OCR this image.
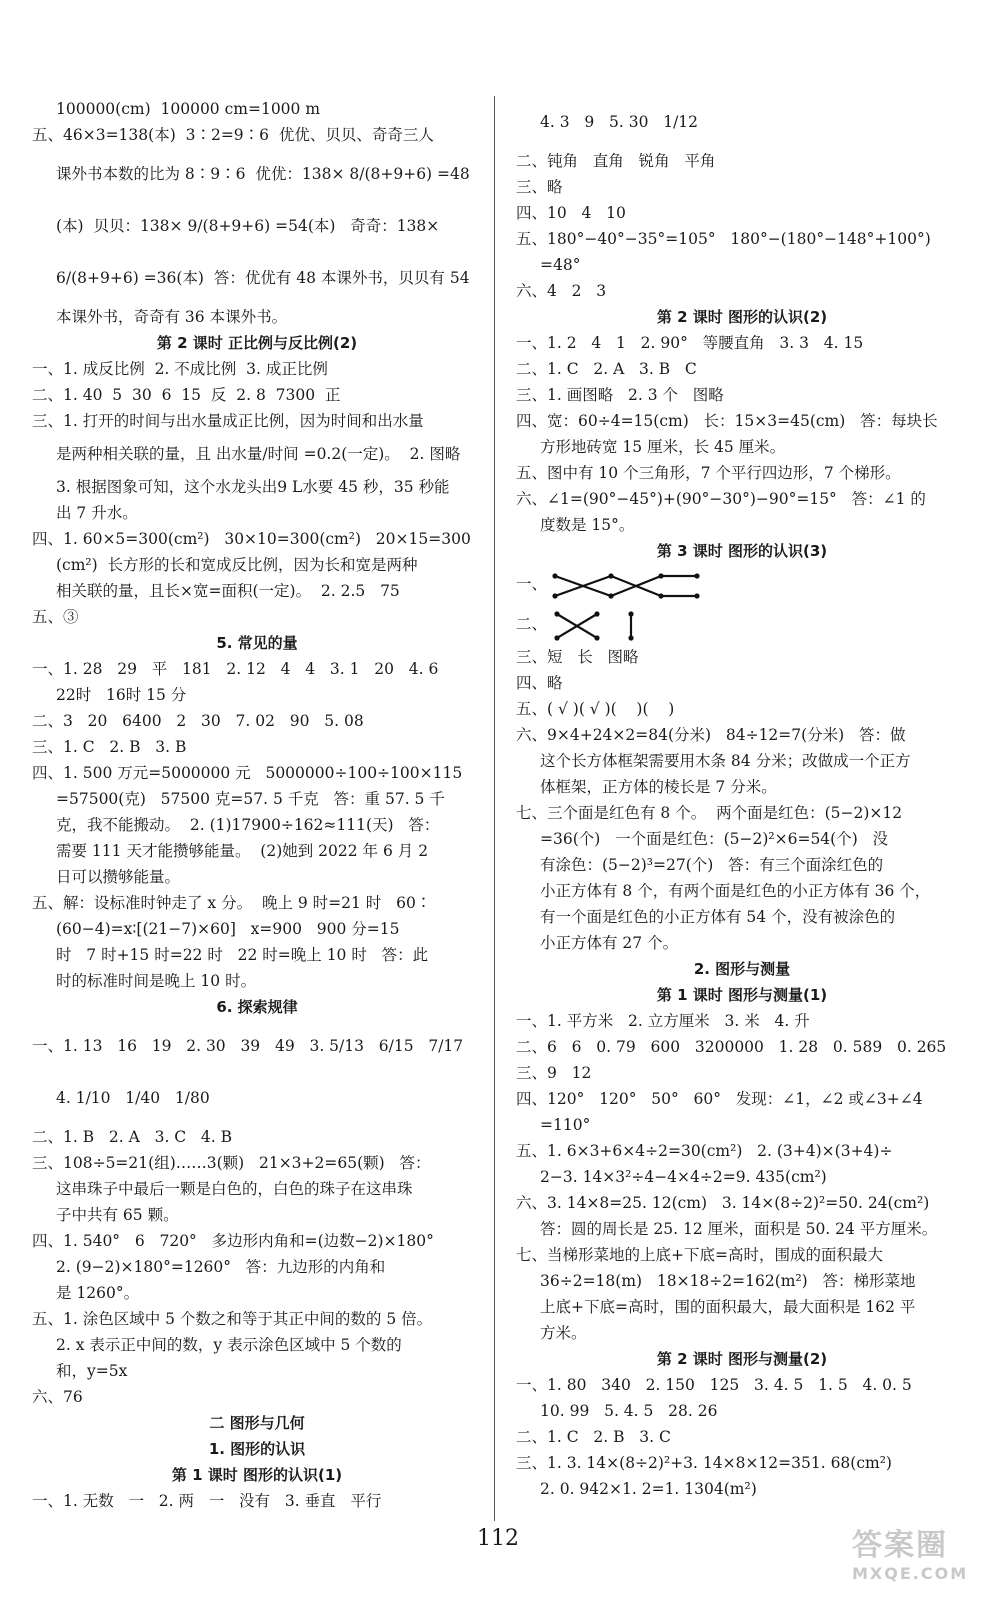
100000(cm)  100000 cm=1000 m
五、46×3=138(本)  3∶2=9∶6  优优、贝贝、奇奇三人
课外书本数的比为 8∶9∶6  优优：138× 8/(8+9+6) =48
(本)  贝贝：138× 9/(8+9+6) =54(本)   奇奇：138×
6/(8+9+6) =36(本)  答：优优有 48 本课外书，贝贝有 54
本课外书，奇奇有 36 本课外书。
第 2 课时 正比例与反比例(2)
一、1. 成反比例  2. 不成比例  3. 成正比例
二、1. 40  5  30  6  15  反  2. 8  7300  正
三、1. 打开的时间与出水量成正比例，因为时间和出水量
是两种相关联的量，且 出水量/时间 =0.2(一定)。  2. 图略
3. 根据图象可知，这个水龙头出9 L水要 45 秒，35 秒能
出 7 升水。
四、1. 60×5=300(cm²)   30×10=300(cm²)   20×15=300
(cm²)  长方形的长和宽成反比例，因为长和宽是两种
相关联的量，且长×宽=面积(一定)。  2. 2.5   75
五、③
5. 常见的量
一、1. 28   29   平   181   2. 12   4   4   3. 1   20   4. 6
22时   16时 15 分
二、3   20   6400   2   30   7. 02   90   5. 08
三、1. C   2. B   3. B
四、1. 500 万元=5000000 元   5000000÷100÷100×115
=57500(克)   57500 克=57. 5 千克   答：重 57. 5 千
克，我不能搬动。  2. (1)17900÷162≈111(天)   答：
需要 111 天才能攒够能量。  (2)她到 2022 年 6 月 2
日可以攒够能量。
五、解：设标准时钟走了 x 分。  晚上 9 时=21 时   60∶
(60−4)=x∶[(21−7)×60]   x=900   900 分=15
时   7 时+15 时=22 时   22 时=晚上 10 时   答：此
时的标准时间是晚上 10 时。
6. 探索规律
一、1. 13   16   19   2. 30   39   49   3. 5/13   6/15   7/17
4. 1/10   1/40   1/80
二、1. B   2. A   3. C   4. B
三、108÷5=21(组)……3(颗)   21×3+2=65(颗)   答：
这串珠子中最后一颗是白色的，白色的珠子在这串珠
子中共有 65 颗。
四、1. 540°   6   720°   多边形内角和=(边数−2)×180°
2. (9−2)×180°=1260°   答：九边形的内角和
是 1260°。
五、1. 涂色区域中 5 个数之和等于其正中间的数的 5 倍。
2. x 表示正中间的数，y 表示涂色区域中 5 个数的
和，y=5x
六、76
二 图形与几何
1. 图形的认识
第 1 课时 图形的认识(1)
一、1. 无数   一   2. 两   一   没有   3. 垂直   平行
4. 3   9   5. 30   1/12
二、钝角   直角   锐角   平角
三、略
四、10   4   10
五、180°−40°−35°=105°   180°−(180°−148°+100°)
=48°
六、4   2   3
第 2 课时 图形的认识(2)
一、1. 2   4   1   2. 90°   等腰直角   3. 3   4. 15
二、1. C   2. A   3. B   C
三、1. 画图略   2. 3 个   图略
四、宽：60÷4=15(cm)   长：15×3=45(cm)   答：每块长
方形地砖宽 15 厘米，长 45 厘米。
五、图中有 10 个三角形，7 个平行四边形，7 个梯形。
六、∠1=(90°−45°)+(90°−30°)−90°=15°   答：∠1 的
度数是 15°。
第 3 课时 图形的认识(3)
一、
二、
三、短   长   图略
四、略
五、( √ )( √ )(    )(    )
六、9×4+24×2=84(分米)   84÷12=7(分米)   答：做
这个长方体框架需要用木条 84 分米；改做成一个正方
体框架，正方体的棱长是 7 分米。
七、三个面是红色有 8 个。  两个面是红色：(5−2)×12
=36(个)   一个面是红色：(5−2)²×6=54(个)   没
有涂色：(5−2)³=27(个)   答：有三个面涂红色的
小正方体有 8 个，有两个面是红色的小正方体有 36 个，
有一个面是红色的小正方体有 54 个，没有被涂色的
小正方体有 27 个。
2. 图形与测量
第 1 课时 图形与测量(1)
一、1. 平方米   2. 立方厘米   3. 米   4. 升
二、6   6   0. 79   600   3200000   1. 28   0. 589   0. 265
三、9   12
四、120°   120°   50°   60°   发现：∠1，∠2 或∠3+∠4
=110°
五、1. 6×3+6×4÷2=30(cm²)   2. (3+4)×(3+4)÷
2−3. 14×3²÷4−4×4÷2=9. 435(cm²)
六、3. 14×8=25. 12(cm)   3. 14×(8÷2)²=50. 24(cm²)
答：圆的周长是 25. 12 厘米，面积是 50. 24 平方厘米。
七、当梯形菜地的上底+下底=高时，围成的面积最大
36÷2=18(m)   18×18÷2=162(m²)   答：梯形菜地
上底+下底=高时，围的面积最大，最大面积是 162 平
方米。
第 2 课时 图形与测量(2)
一、1. 80   340   2. 150   125   3. 4. 5   1. 5   4. 0. 5
10. 99   5. 4. 5   28. 26
二、1. C   2. B   3. C
三、1. 3. 14×(8÷2)²+3. 14×8×12=351. 68(cm²)
2. 0. 942×1. 2=1. 1304(m²)
112	答案圈
MXQE.COM
